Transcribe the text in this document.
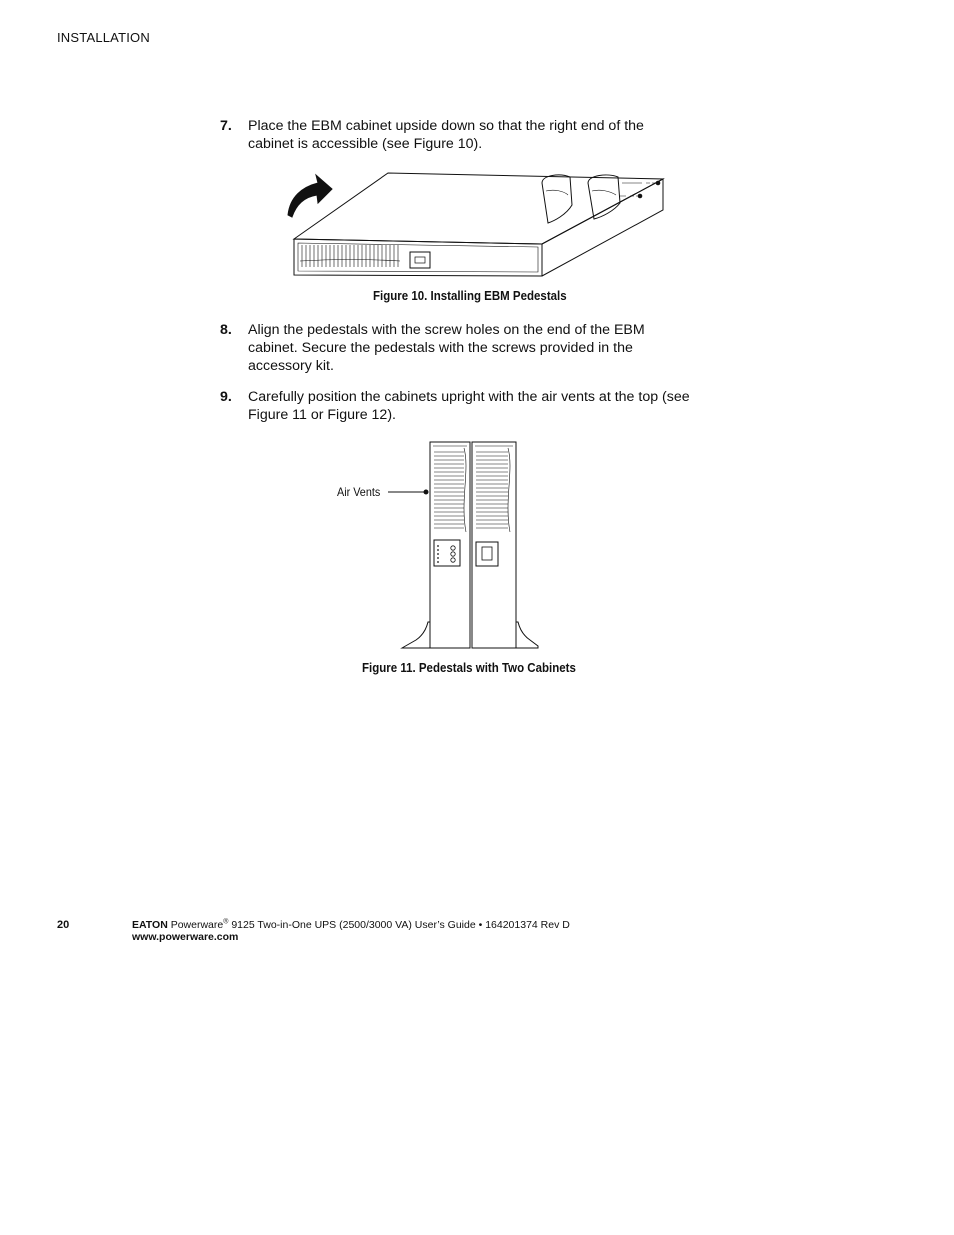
INSTALLATION
7. Place the EBM cabinet upside down so that the right end of the cabinet is accessible (see Figure 10).
Figure 10. Installing EBM Pedestals
8. Align the pedestals with the screw holes on the end of the EBM cabinet. Secure the pedestals with the screws provided in the accessory kit.
9. Carefully position the cabinets upright with the air vents at the top (see Figure 11 or Figure 12).
Air Vents
Figure 11. Pedestals with Two Cabinets
20	EATON Powerware® 9125 Two-in-One UPS (2500/3000 VA) User’s Guide • 164201374 Rev D
www.powerware.com
